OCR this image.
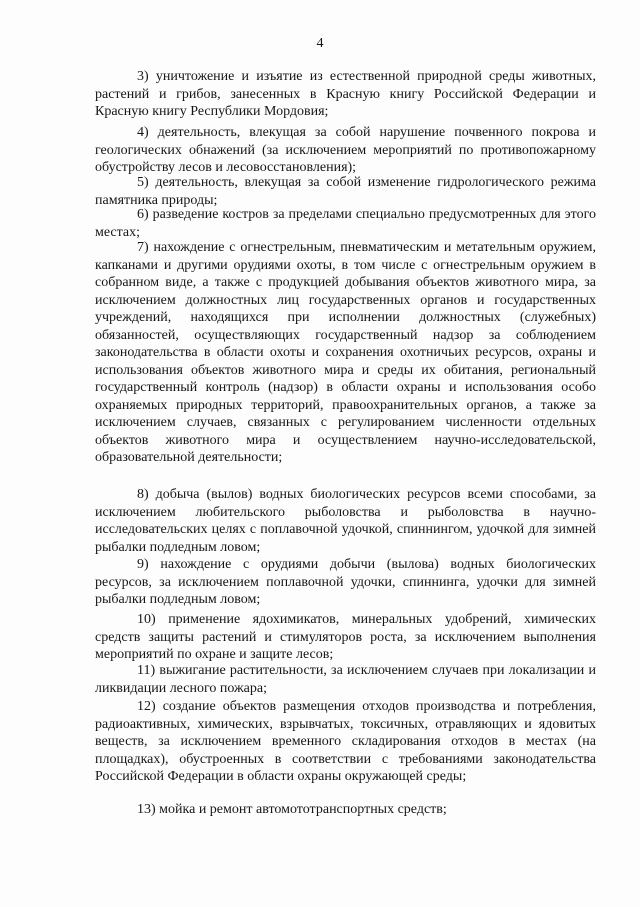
4

3) уничтожение и изъятие из естественной природной среды животных, растений и грибов, занесенных в Красную книгу Российской Федерации и Красную книгу Республики Мордовия;

4) деятельность, влекущая за собой нарушение почвенного покрова и геологических обнажений (за исключением мероприятий по противопожарному обустройству лесов и лесовосстановления);

5) деятельность, влекущая за собой изменение гидрологического режима памятника природы;

6) разведение костров за пределами специально предусмотренных для этого местах;

7) нахождение с огнестрельным, пневматическим и метательным оружием, капканами и другими орудиями охоты, в том числе с огнестрельным оружием в собранном виде, а также с продукцией добывания объектов животного мира, за исключением должностных лиц государственных органов и государственных учреждений, находящихся при исполнении должностных (служебных) обязанностей, осуществляющих государственный надзор за соблюдением законодательства в области охоты и сохранения охотничьих ресурсов, охраны и использования объектов животного мира и среды их обитания, региональный государственный контроль (надзор) в области охраны и использования особо охраняемых природных территорий, правоохранительных органов, а также за исключением случаев, связанных с регулированием численности отдельных объектов животного мира и осуществлением научно-исследовательской, образовательной деятельности;

8) добыча (вылов) водных биологических ресурсов всеми способами, за исключением любительского рыболовства и рыболовства в научно-исследовательских целях с поплавочной удочкой, спиннингом, удочкой для зимней рыбалки подледным ловом;

9) нахождение с орудиями добычи (вылова) водных биологических ресурсов, за исключением поплавочной удочки, спиннинга, удочки для зимней рыбалки подледным ловом;

10) применение ядохимикатов, минеральных удобрений, химических средств защиты растений и стимуляторов роста, за исключением выполнения мероприятий по охране и защите лесов;

11) выжигание растительности, за исключением случаев при локализации и ликвидации лесного пожара;

12) создание объектов размещения отходов производства и потребления, радиоактивных, химических, взрывчатых, токсичных, отравляющих и ядовитых веществ, за исключением временного складирования отходов в местах (на площадках), обустроенных в соответствии с требованиями законодательства Российской Федерации в области охраны окружающей среды;

13) мойка и ремонт автомототранспортных средств;
